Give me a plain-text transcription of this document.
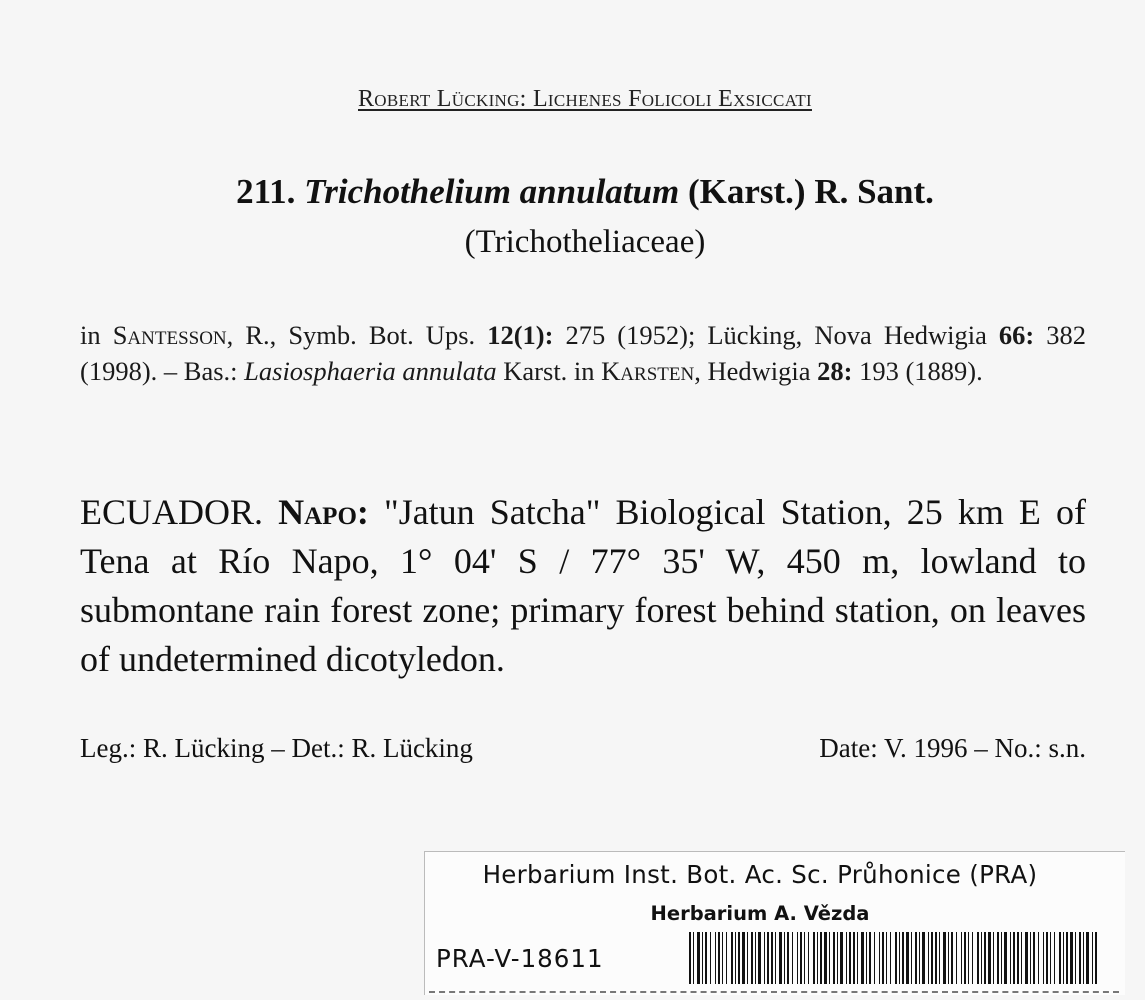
Robert Lücking: Lichenes Folicoli Exsiccati
211. Trichothelium annulatum (Karst.) R. Sant.
(Trichotheliaceae)
in Santesson, R., Symb. Bot. Ups. 12(1): 275 (1952); Lücking, Nova Hedwigia 66: 382 (1998). – Bas.: Lasiosphaeria annulata Karst. in Karsten, Hedwigia 28: 193 (1889).
ECUADOR. Napo: "Jatun Satcha" Biological Station, 25 km E of Tena at Río Napo, 1° 04' S / 77° 35' W, 450 m, lowland to submontane rain forest zone; primary forest behind station, on leaves of undetermined dicotyledon.
Leg.: R. Lücking – Det.: R. Lücking	Date: V. 1996 – No.: s.n.
Herbarium Inst. Bot. Ac. Sc. Průhonice (PRA)
Herbarium A. Vězda
PRA-V-18611
